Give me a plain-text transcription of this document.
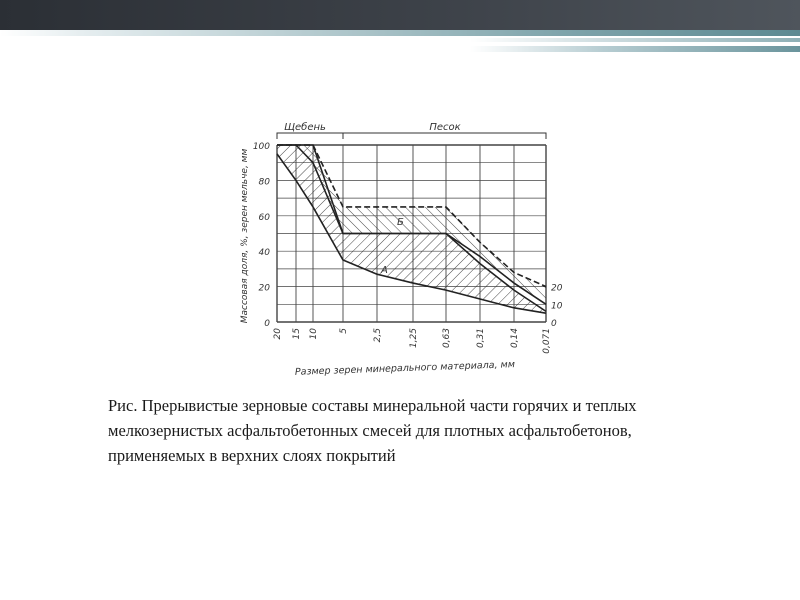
Щебень	Песок
Массовая доля, %, зерен мельче, мм
Размер зерен минерального материала, мм
0
20
40
60
80
100
0
10
20
20 15 10 5	2,5	1,25	0,63	0,31	0,14 0,071
Б
А
Рис. Прерывистые зерновые составы минеральной части горячих и теплых мелкозернистых асфальтобетонных смесей для плотных асфальтобетонов, применяемых в верхних слоях покрытий
